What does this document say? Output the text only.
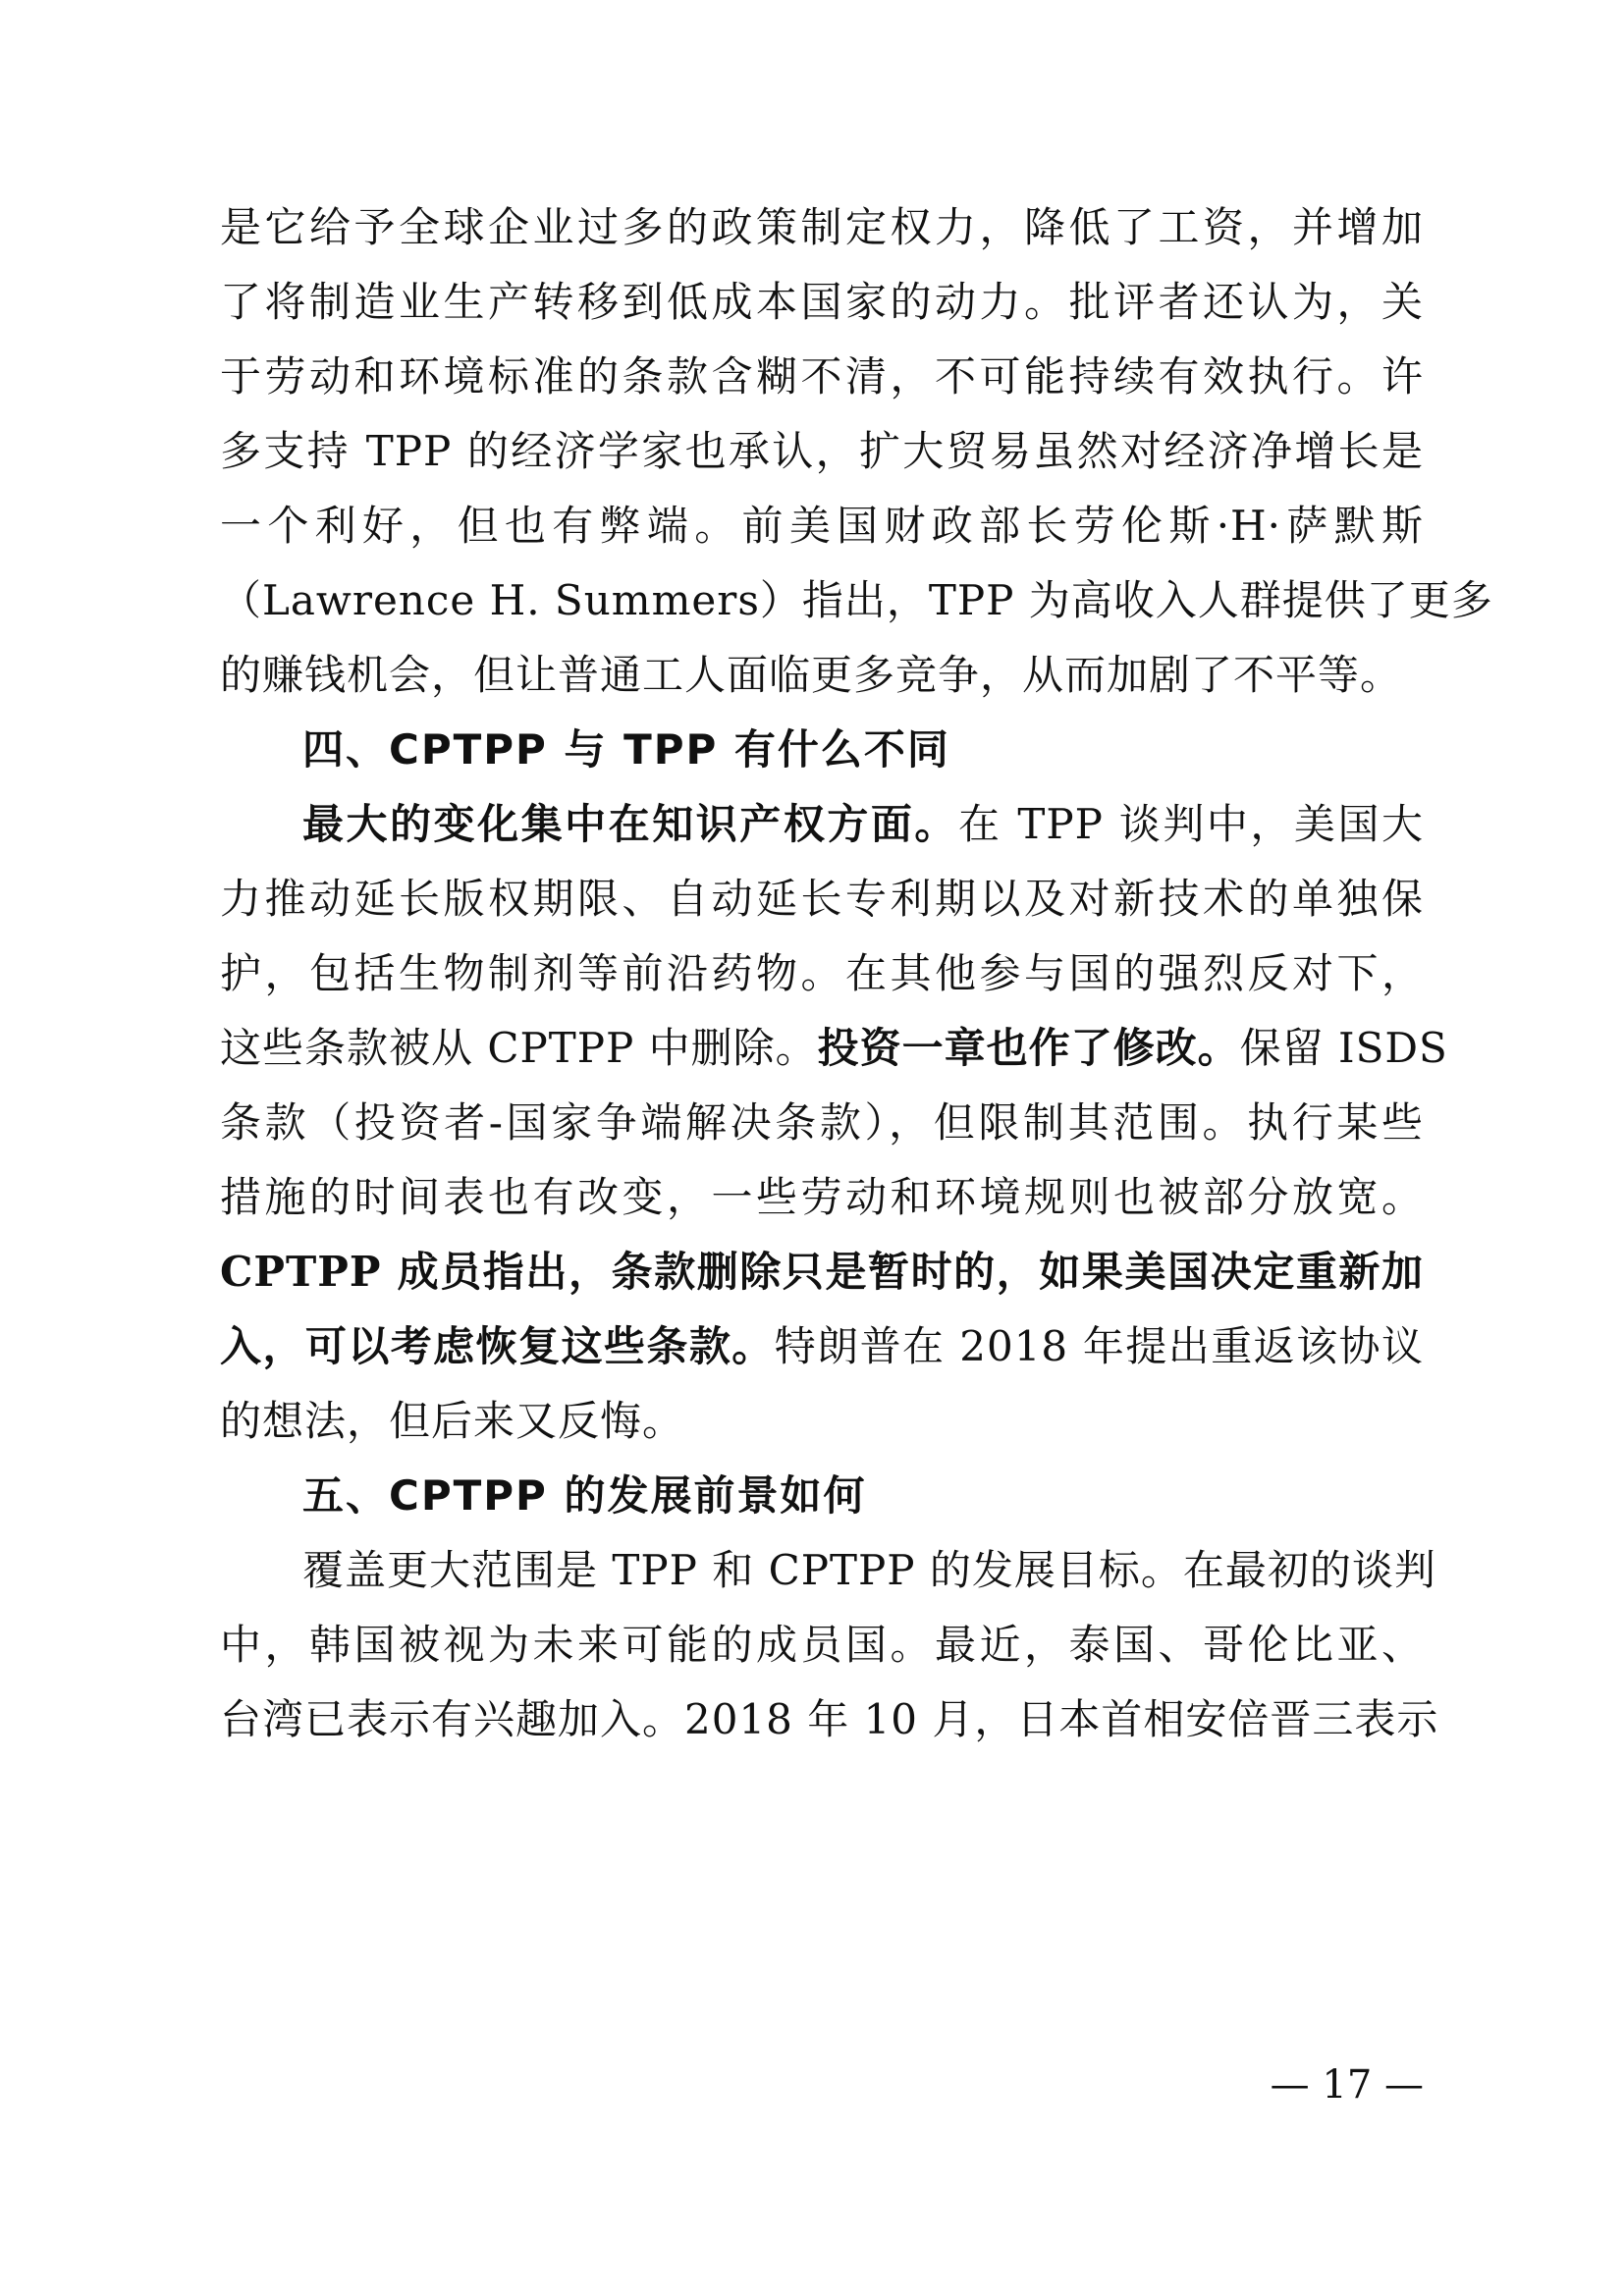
是它给予全球企业过多的政策制定权力，降低了工资，并增加
了将制造业生产转移到低成本国家的动力。批评者还认为，关
于劳动和环境标准的条款含糊不清，不可能持续有效执行。许
多支持 TPP 的经济学家也承认，扩大贸易虽然对经济净增长是
一个利好，但也有弊端。前美国财政部长劳伦斯·H·萨默斯
（Lawrence H. Summers）指出，TPP 为高收入人群提供了更多
的赚钱机会，但让普通工人面临更多竞争，从而加剧了不平等。
四、CPTPP 与 TPP 有什么不同
最大的变化集中在知识产权方面。在 TPP 谈判中，美国大
力推动延长版权期限、自动延长专利期以及对新技术的单独保
护，包括生物制剂等前沿药物。在其他参与国的强烈反对下，
这些条款被从 CPTPP 中删除。投资一章也作了修改。保留 ISDS
条款（投资者-国家争端解决条款），但限制其范围。执行某些
措施的时间表也有改变，一些劳动和环境规则也被部分放宽。
CPTPP 成员指出，条款删除只是暂时的，如果美国决定重新加
入，可以考虑恢复这些条款。特朗普在 2018 年提出重返该协议
的想法，但后来又反悔。
五、CPTPP 的发展前景如何
覆盖更大范围是 TPP 和 CPTPP 的发展目标。在最初的谈判
中，韩国被视为未来可能的成员国。最近，泰国、哥伦比亚、
台湾已表示有兴趣加入。2018 年 10 月，日本首相安倍晋三表示
— 17 —
